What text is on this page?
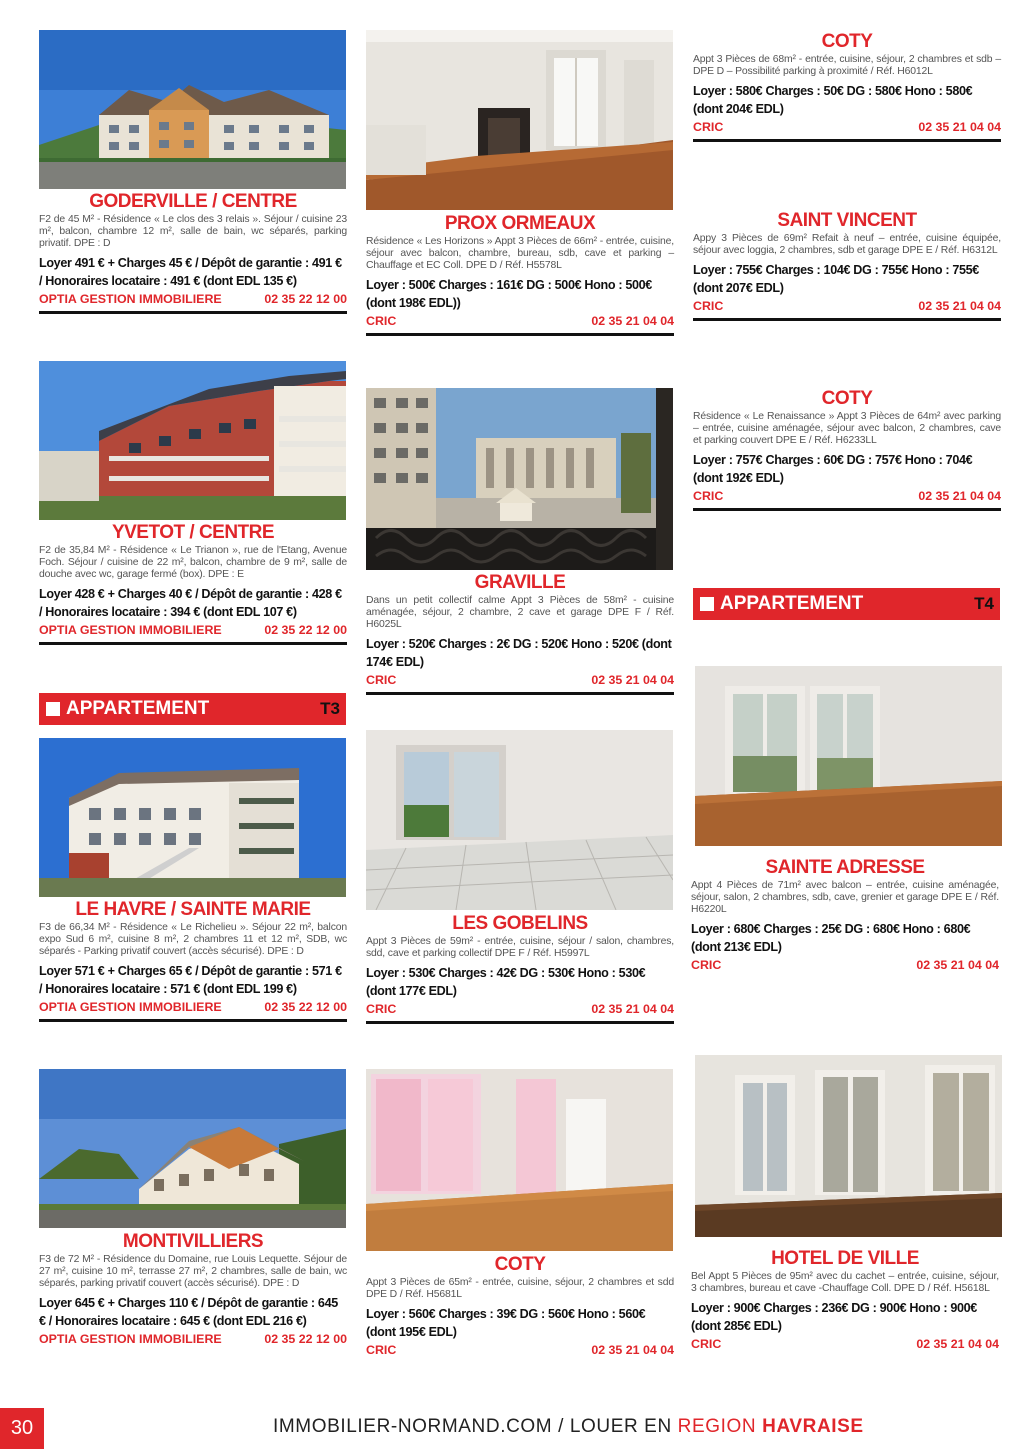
GODERVILLE / CENTRE
F2 de 45 M² - Résidence « Le clos des 3 relais ». Séjour / cuisine 23 m², balcon, chambre 12 m², salle de bain, wc séparés, parking privatif. DPE : D
Loyer 491 € + Charges 45 € / Dépôt de garantie : 491 € / Honoraires locataire : 491 € (dont EDL 135 €)
OPTIA GESTION IMMOBILIERE	02 35 22 12 00
PROX ORMEAUX
Résidence « Les Horizons » Appt 3 Pièces de 66m² - entrée, cuisine, séjour avec balcon, chambre, bureau, sdb, cave et parking – Chauffage et EC Coll. DPE D / Réf. H5578L
Loyer : 500€ Charges : 161€ DG : 500€ Hono : 500€ (dont 198€ EDL))
CRIC	02 35 21 04 04
COTY
Appt 3 Pièces de 68m² - entrée, cuisine, séjour, 2 chambres et sdb – DPE D – Possibilité parking à proximité / Réf. H6012L
Loyer : 580€ Charges : 50€ DG : 580€ Hono : 580€ (dont 204€ EDL)
CRIC	02 35 21 04 04
SAINT VINCENT
Appy 3 Pièces de 69m² Refait à neuf – entrée, cuisine équipée, séjour avec loggia, 2 chambres, sdb et garage DPE E / Réf. H6312L
Loyer : 755€ Charges : 104€ DG : 755€ Hono : 755€ (dont 207€ EDL)
CRIC	02 35 21 04 04
YVETOT / CENTRE
F2 de 35,84 M² - Résidence « Le Trianon », rue de l'Etang, Avenue Foch. Séjour / cuisine de 22 m², balcon, chambre de 9 m², salle de douche avec wc, garage fermé (box). DPE : E
Loyer 428 € + Charges 40 € / Dépôt de garantie : 428 € / Honoraires locataire : 394 € (dont EDL 107 €)
OPTIA GESTION IMMOBILIERE	02 35 22 12 00
GRAVILLE
Dans un petit collectif calme Appt 3 Pièces de 58m² - cuisine aménagée, séjour, 2 chambre, 2 cave et garage DPE F / Réf. H6025L
Loyer : 520€ Charges : 2€ DG : 520€ Hono : 520€ (dont 174€ EDL)
CRIC	02 35 21 04 04
COTY
Résidence « Le Renaissance » Appt 3 Pièces de 64m² avec parking – entrée, cuisine aménagée, séjour avec balcon, 2 chambres, cave et parking couvert DPE E / Réf. H6233LL
Loyer : 757€ Charges : 60€ DG : 757€ Hono : 704€ (dont 192€ EDL)
CRIC	02 35 21 04 04
LE HAVRE / SAINTE MARIE
F3 de 66,34 M² - Résidence « Le Richelieu ». Séjour 22 m², balcon expo Sud 6 m², cuisine 8 m², 2 chambres 11 et 12 m², SDB, wc séparés - Parking privatif couvert (accès sécurisé). DPE : D
Loyer 571 € + Charges 65 € / Dépôt de garantie : 571 € / Honoraires locataire : 571 € (dont EDL 199 €)
OPTIA GESTION IMMOBILIERE	02 35 22 12 00
LES GOBELINS
Appt 3 Pièces de 59m² - entrée, cuisine, séjour / salon, chambres, sdd, cave et parking collectif DPE F / Réf. H5997L
Loyer : 530€ Charges : 42€ DG : 530€ Hono : 530€ (dont 177€ EDL)
CRIC	02 35 21 04 04
SAINTE ADRESSE
Appt 4 Pièces de 71m² avec balcon – entrée, cuisine aménagée, séjour, salon, 2 chambres, sdb, cave, grenier et garage DPE E / Réf. H6220L
Loyer : 680€ Charges : 25€ DG : 680€ Hono : 680€ (dont 213€ EDL)
CRIC	02 35 21 04 04
MONTIVILLIERS
F3 de 72 M² - Résidence du Domaine, rue Louis Lequette. Séjour de 27 m², cuisine 10 m², terrasse 27 m², 2 chambres, salle de bain, wc séparés, parking privatif couvert (accès sécurisé). DPE : D
Loyer 645 € + Charges 110 € / Dépôt de garantie : 645 € / Honoraires locataire : 645 € (dont EDL 216 €)
OPTIA GESTION IMMOBILIERE	02 35 22 12 00
COTY
Appt 3 Pièces de 65m² - entrée, cuisine, séjour, 2 chambres et sdd DPE D / Réf. H5681L
Loyer : 560€ Charges : 39€ DG : 560€ Hono : 560€ (dont 195€ EDL)
CRIC	02 35 21 04 04
HOTEL DE VILLE
Bel Appt 5 Pièces de 95m² avec du cachet – entrée, cuisine, séjour, 3 chambres, bureau et cave -Chauffage Coll. DPE D / Réf. H5618L
Loyer : 900€ Charges : 236€ DG : 900€ Hono : 900€ (dont 285€ EDL)
CRIC	02 35 21 04 04
APPARTEMENT	T3
APPARTEMENT	T4
30	IMMOBILIER-NORMAND.COM / LOUER EN REGION HAVRAISE
